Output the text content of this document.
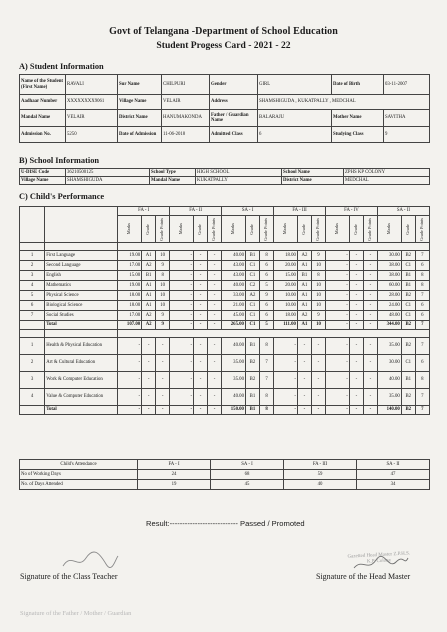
Govt of Telangana -Department of School Education
Student Progess Card - 2021 - 22
A) Student Information
Name of the Student (First Name)	RAVALI	Sur Name	CHILPURI	Gender	GIRL	Date of Birth	03-11-2007
Aadhaar Number	XXXXXXXX9061	Village Name	VELAIR	Address	SHAMSHIGUDA , KUKATPALLY , MEDCHAL		
Mandal Name	VELAIR	District Name	HANUMAKONDA	Father / Guardian Name	BALARAJU	Mother Name	SAVITHA
Admission No.	5250	Date of Admission	11-06-2018	Admitted Class	6	Studying Class	9
B) School Information
U-DISE Code	36210500125	School Type	HIGH SCHOOL	School Name	ZPHS KP COLONY
Village Name	SHAMSHIGUDA	Mandal Name	KUKATPALLY	District Name	MEDCHAL
C) Child's Performance
		FA - I			FA - II			SA - I			FA - III			FA - IV			SA - II		

		Marks	Grade	Grade Points	Marks	Grade	Grade Points	Marks	Grade	Grade Points	Marks	Grade	Grade Points	Marks	Grade	Grade Points	Marks	Grade	Grade Points

1	First Language	19.00	A1	10	-	-	-	40.00	B1	8	18.00	A2	9	-	-	-	30.00	B2	7
2	Second Language	17.00	A2	9	-	-	-	43.00	C1	6	20.00	A1	10	-	-	-	38.00	C1	6
3	English	15.00	B1	8	-	-	-	43.00	C1	6	15.00	B1	8	-	-	-	38.00	B1	8
4	Mathematics	19.00	A1	10	-	-	-	40.00	C2	5	20.00	A1	10	-	-	-	60.00	B1	8
5	Physical Science	18.00	A1	10	-	-	-	33.00	A2	9	10.00	A1	10	-	-	-	28.00	B2	7
6	Biological Science	18.00	A1	10	-	-	-	21.00	C1	6	10.00	A1	10	-	-	-	24.00	C1	6
7	Social Studies	17.00	A2	9	-	-	-	45.00	C1	6	18.00	A2	9	-	-	-	48.00	C1	6
	Total	107.00	A2	9	-	-	-	265.00	C1	5	111.00	A1	10	-	-	-	344.00	B2	7

1	Health & Physical Education	-	-	-	-	-	-	40.00	B1	8	-	-	-	-	-	-	35.00	B2	7
2	Art & Cultural Education	-	-	-	-	-	-	35.00	B2	7	-	-	-	-	-	-	30.00	C1	6
3	Work & Computer Education	-	-	-	-	-	-	35.00	B2	7	-	-	-	-	-	-	40.00	B1	8
4	Value & Computer Education	-	-	-	-	-	-	40.00	B1	8	-	-	-	-	-	-	35.00	B2	7
	Total	-	-	-	-	-	-	150.00	B1	8	-	-	-	-	-	-	140.00	B2	7
Child's Attendance	FA - I	SA - I	FA - III	SA - II
No of Working Days	24	68	59	47
No. of Days Attended	19	45	40	34
Result:--------------------------- Passed / Promoted
Signature of the Class Teacher
Gazetted Head Master Z.P.H.S. K.P. Colony
Signature of the Head Master
Signature of the Father / Mother / Guardian
